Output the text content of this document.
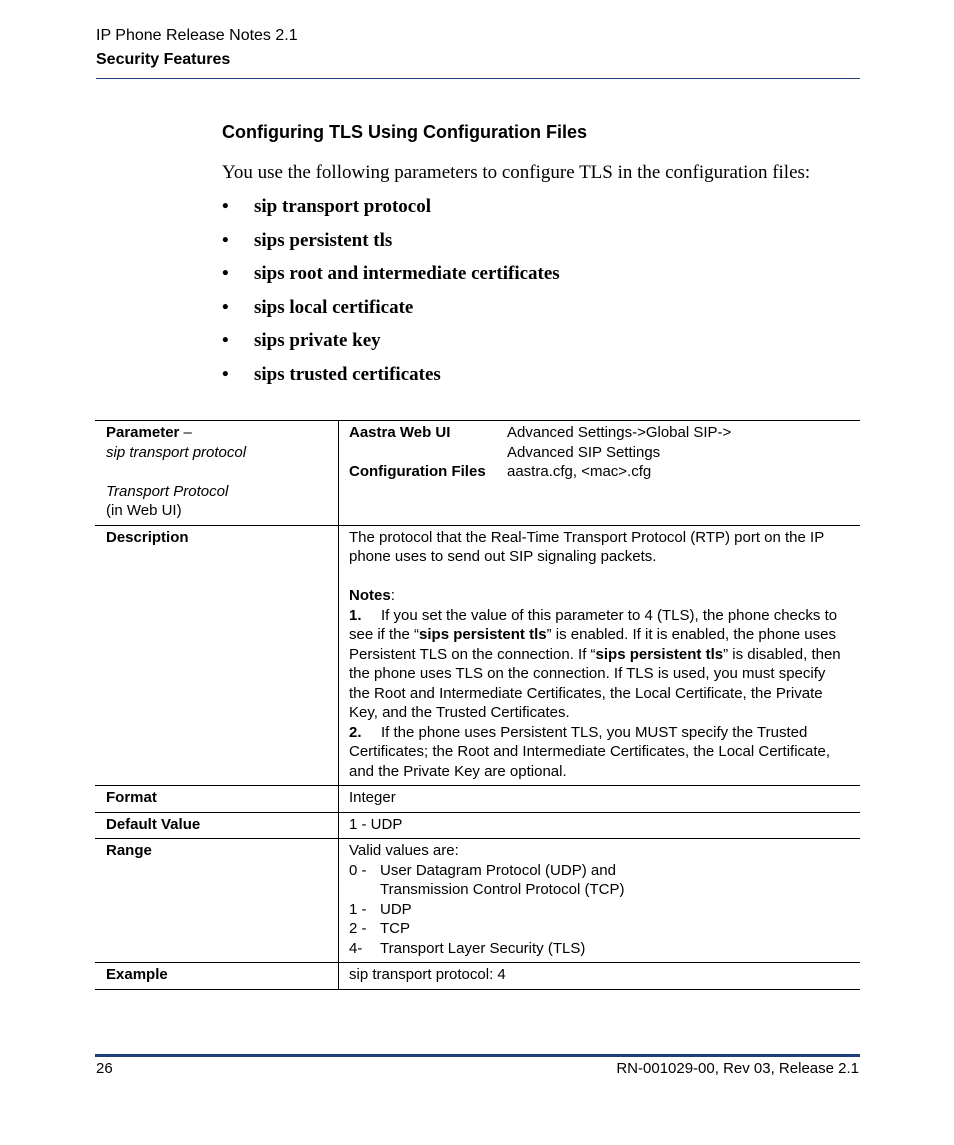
IP Phone Release Notes 2.1
Security Features
Configuring TLS Using Configuration Files
You use the following parameters to configure TLS in the configuration files:
• sip transport protocol
• sips persistent tls
• sips root and intermediate certificates
• sips local certificate
• sips private key
• sips trusted certificates
Parameter –
sip transport protocol
Transport Protocol
(in Web UI)

Aastra Web UI	Advanced Settings->Global SIP->
Advanced SIP Settings

Configuration Files	aastra.cfg, <mac>.cfg

Description	The protocol that the Real-Time Transport Protocol (RTP) port on the IP phone uses to send out SIP signaling packets.
Notes:
1. If you set the value of this parameter to 4 (TLS), the phone checks to see if the “sips persistent tls” is enabled. If it is enabled, the phone uses Persistent TLS on the connection. If “sips persistent tls” is disabled, then the phone uses TLS on the connection. If TLS is used, you must specify the Root and Intermediate Certificates, the Local Certificate, the Private Key, and the Trusted Certificates.
2. If the phone uses Persistent TLS, you MUST specify the Trusted Certificates; the Root and Intermediate Certificates, the Local Certificate, and the Private Key are optional.

Format	Integer
Default Value	1 - UDP
Range	Valid values are:
0 - User Datagram Protocol (UDP) and
Transmission Control Protocol (TCP)
1 - UDP
2 - TCP
4- Transport Layer Security (TLS)

Example	sip transport protocol: 4
26	RN-001029-00, Rev 03, Release 2.1
